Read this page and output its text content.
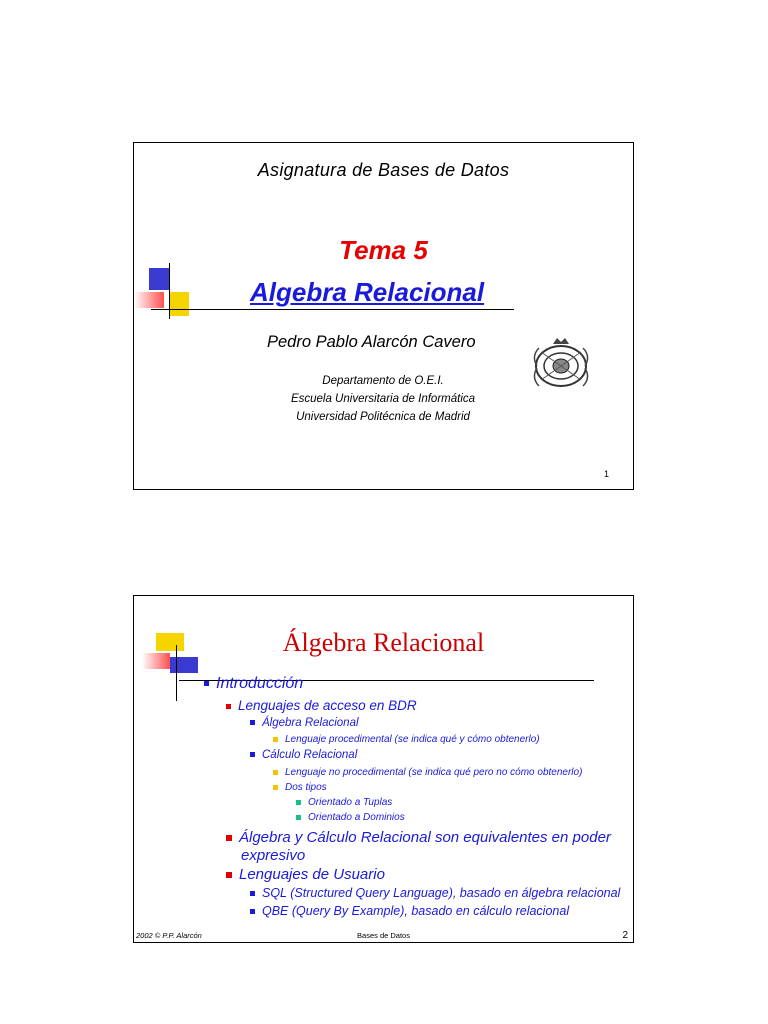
Asignatura de Bases de Datos
Tema 5
Algebra Relacional
Pedro Pablo Alarcón Cavero
Departamento de O.E.I.
Escuela Universitaria de Informática
Universidad Politécnica de Madrid
1
Álgebra Relacional
Introducción
Lenguajes de acceso en BDR
Álgebra Relacional
Lenguaje procedimental (se indica qué y cómo obtenerlo)
Cálculo Relacional
Lenguaje no procedimental (se indica qué pero no cómo obtenerlo)
Dos tipos
Orientado a Tuplas
Orientado a Dominios
Álgebra y Cálculo Relacional son equivalentes en poder expresivo
Lenguajes de Usuario
SQL (Structured Query Language), basado en álgebra relacional
QBE (Query By Example), basado en cálculo relacional
2002 © P.P. Alarcón	Bases de Datos	2
